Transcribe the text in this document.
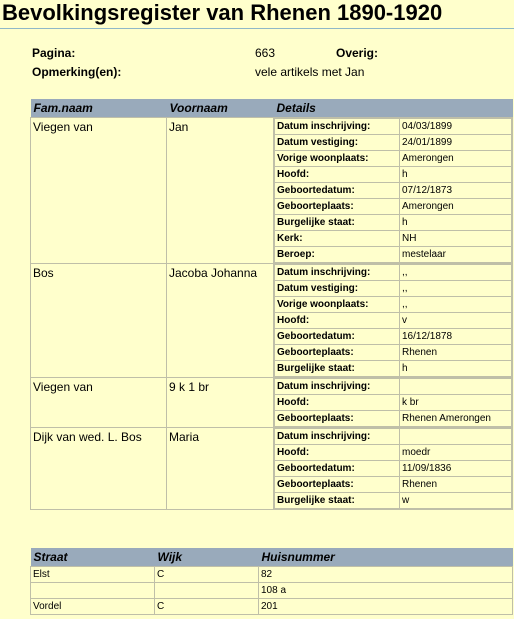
Bevolkingsregister van Rhenen 1890-1920
Pagina:	663	Overig:
Opmerking(en):	vele artikels met Jan
Fam.naam	Voornaam	Details
Viegen van	Jan		Datum inschrijving:	04/03/1899
Datum vestiging:	24/01/1899
Vorige woonplaats:	Amerongen
Hoofd:	h
Geboortedatum:	07/12/1873
Geboorteplaats:	Amerongen
Burgelijke staat:	h
Kerk:	NH
Beroep:	mestelaar

Bos	Jacoba Johanna	Datum inschrijving:	,,
Datum vestiging:	,,
Vorige woonplaats:	,,
Hoofd:	v
Geboortedatum:	16/12/1878
Geboorteplaats:	Rhenen
Burgelijke staat:	h

Viegen van	9 k 1 br		Datum inschrijving:	
Hoofd:	k br
Geboorteplaats:	Rhenen Amerongen

Dijk van wed. L. Bos	Maria		Datum inschrijving:	
Hoofd:	moedr
Geboortedatum:	11/09/1836
Geboorteplaats:	Rhenen
Burgelijke staat:	w
Straat	Wijk	Huisnummer
Elst	C	82
		108 a
Vordel	C	201
